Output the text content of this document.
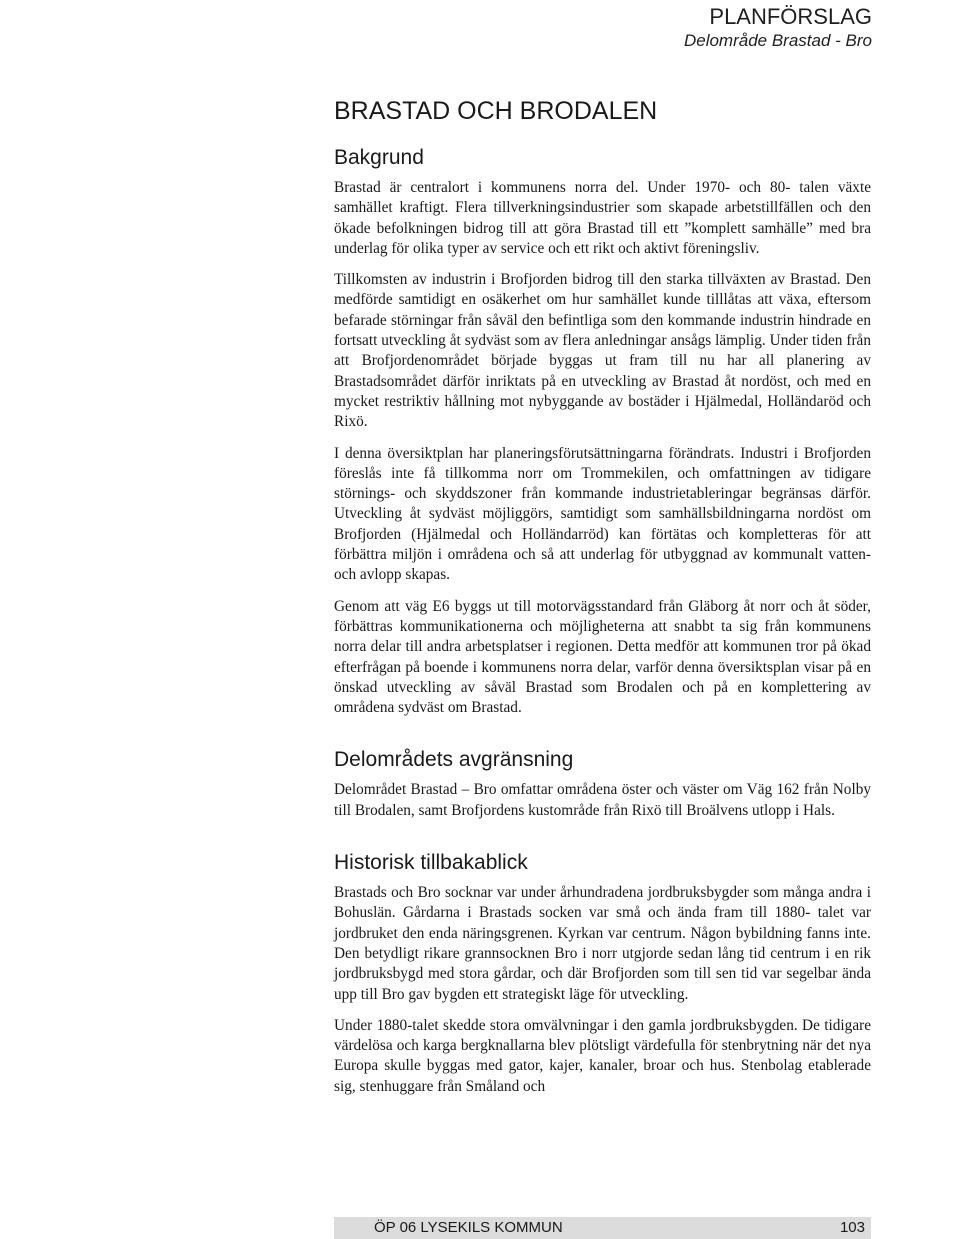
PLANFÖRSLAG
Delområde Brastad - Bro
BRASTAD OCH BRODALEN
Bakgrund

Brastad är centralort i kommunens norra del. Under 1970- och 80- talen växte samhället kraftigt. Flera tillverkningsindustrier som skapade arbetstillfällen och den ökade befolkningen bidrog till att göra Brastad till ett ”komplett samhälle” med bra underlag för olika typer av service och ett rikt och aktivt föreningsliv.

Tillkomsten av industrin i Brofjorden bidrog till den starka tillväxten av Brastad. Den medförde samtidigt en osäkerhet om hur samhället kunde tilllåtas att växa, eftersom befarade störningar från såväl den befintliga som den kommande industrin hindrade en fortsatt utveckling åt sydväst som av flera anledningar ansågs lämplig. Under tiden från att Brofjordenområdet började byggas ut fram till nu har all planering av Brastadsområdet därför inriktats på en utveckling av Brastad åt nordöst, och med en mycket restriktiv hållning mot nybyggande av bostäder i Hjälmedal, Holländaröd och Rixö.

I denna översiktplan har planeringsförutsättningarna förändrats. Industri i Brofjorden föreslås inte få tillkomma norr om Trommekilen, och omfattningen av tidigare störnings- och skyddszoner från kommande industrietableringar begränsas därför. Utveckling åt sydväst möjliggörs, samtidigt som samhällsbildningarna nordöst om Brofjorden (Hjälmedal och Holländarröd) kan förtätas och kompletteras för att förbättra miljön i områdena och så att underlag för utbyggnad av kommunalt vatten- och avlopp skapas.

Genom att väg E6 byggs ut till motorvägsstandard från Gläborg åt norr och åt söder, förbättras kommunikationerna och möjligheterna att snabbt ta sig från kommunens norra delar till andra arbetsplatser i regionen. Detta medför att kommunen tror på ökad efterfrågan på boende i kommunens norra delar, varför denna översiktsplan visar på en önskad utveckling av såväl Brastad som Brodalen och på en komplettering av områdena sydväst om Brastad.

Delområdets avgränsning

Delområdet Brastad – Bro omfattar områdena öster och väster om Väg 162 från Nolby till Brodalen, samt Brofjordens kustområde från Rixö till Broälvens utlopp i Hals.

Historisk tillbakablick

Brastads och Bro socknar var under århundradena jordbruksbygder som många andra i Bohuslän. Gårdarna i Brastads socken var små och ända fram till 1880- talet var jordbruket den enda näringsgrenen. Kyrkan var centrum. Någon bybildning fanns inte. Den betydligt rikare grannsocknen Bro i norr utgjorde sedan lång tid centrum i en rik jordbruksbygd med stora gårdar, och där Brofjorden som till sen tid var segelbar ända upp till Bro gav bygden ett strategiskt läge för utveckling.

Under 1880-talet skedde stora omvälvningar i den gamla jordbruksbygden. De tidigare värdelösa och karga bergknallarna blev plötsligt värdefulla för stenbrytning när det nya Europa skulle byggas med gator, kajer, kanaler, broar och hus. Stenbolag etablerade sig, stenhuggare från Småland och

ÖP 06 LYSEKILS KOMMUN	103
